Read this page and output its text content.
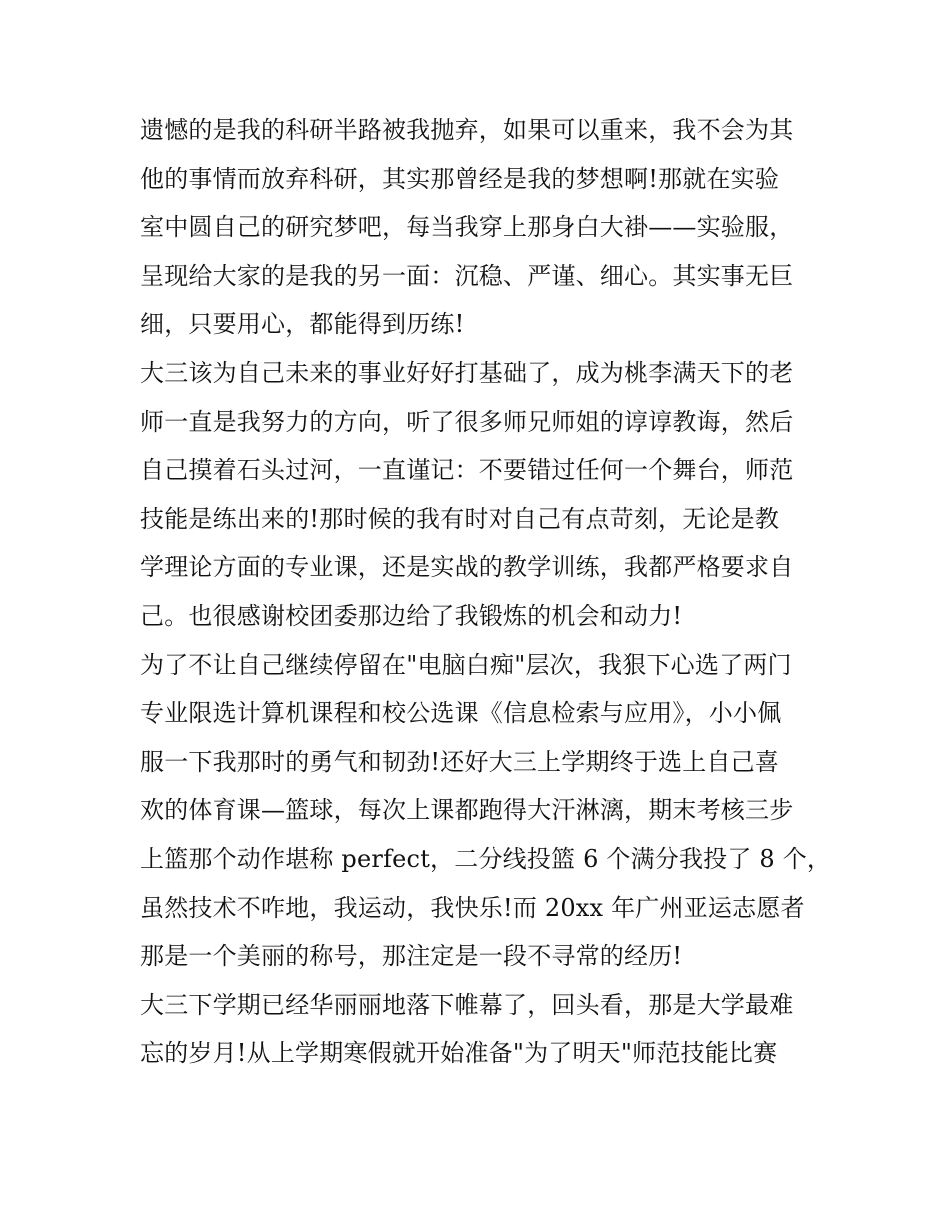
遗憾的是我的科研半路被我抛弃，如果可以重来，我不会为其
他的事情而放弃科研，其实那曾经是我的梦想啊!那就在实验
室中圆自己的研究梦吧，每当我穿上那身白大褂——实验服，
呈现给大家的是我的另一面：沉稳、严谨、细心。其实事无巨
细，只要用心，都能得到历练!
大三该为自己未来的事业好好打基础了，成为桃李满天下的老
师一直是我努力的方向，听了很多师兄师姐的谆谆教诲，然后
自己摸着石头过河，一直谨记：不要错过任何一个舞台，师范
技能是练出来的!那时候的我有时对自己有点苛刻，无论是教
学理论方面的专业课，还是实战的教学训练，我都严格要求自
己。也很感谢校团委那边给了我锻炼的机会和动力!
为了不让自己继续停留在"电脑白痴"层次，我狠下心选了两门
专业限选计算机课程和校公选课《信息检索与应用》，小小佩
服一下我那时的勇气和韧劲!还好大三上学期终于选上自己喜
欢的体育课—篮球，每次上课都跑得大汗淋漓，期末考核三步
上篮那个动作堪称 perfect，二分线投篮 6 个满分我投了 8 个，
虽然技术不咋地，我运动，我快乐!而 20xx 年广州亚运志愿者
那是一个美丽的称号，那注定是一段不寻常的经历!
大三下学期已经华丽丽地落下帷幕了，回头看，那是大学最难
忘的岁月!从上学期寒假就开始准备"为了明天"师范技能比赛
